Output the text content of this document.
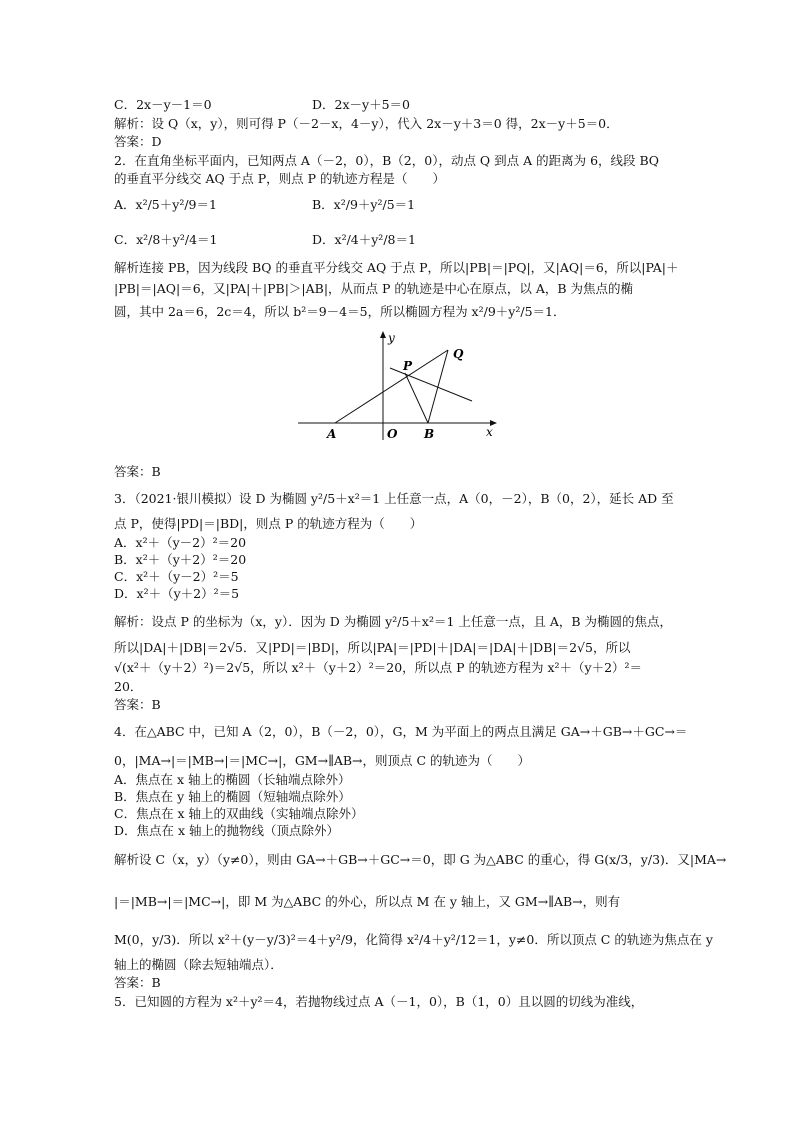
C．2x－y－1＝0	D．2x－y＋5＝0
解析：设 Q（x，y），则可得 P（－2－x，4－y），代入 2x－y＋3＝0 得，2x－y＋5＝0．
答案：D
2．在直角坐标平面内，已知两点 A（－2，0），B（2，0），动点 Q 到点 A 的距离为 6，线段 BQ
的垂直平分线交 AQ 于点 P，则点 P 的轨迹方程是（　　）
A．x²/5＋y²/9＝1	B．x²/9＋y²/5＝1
C．x²/8＋y²/4＝1	D．x²/4＋y²/8＝1
解析连接 PB，因为线段 BQ 的垂直平分线交 AQ 于点 P，所以|PB|＝|PQ|，又|AQ|＝6，所以|PA|＋
|PB|＝|AQ|＝6，又|PA|＋|PB|＞|AB|，从而点 P 的轨迹是中心在原点，以 A，B 为焦点的椭
圆，其中 2a＝6，2c＝4，所以 b²＝9－4＝5，所以椭圆方程为 x²/9＋y²/5＝1．
y
x
A	O B
P
Q
答案：B
3．（2021·银川模拟）设 D 为椭圆 y²/5＋x²＝1 上任意一点，A（0，－2），B（0，2），延长 AD 至
点 P，使得|PD|＝|BD|，则点 P 的轨迹方程为（　　）
A．x²＋（y－2）²＝20
B．x²＋（y＋2）²＝20
C．x²＋（y－2）²＝5
D．x²＋（y＋2）²＝5
解析：设点 P 的坐标为（x，y）．因为 D 为椭圆 y²/5＋x²＝1 上任意一点，且 A，B 为椭圆的焦点，
所以|DA|＋|DB|＝2√5．又|PD|＝|BD|，所以|PA|＝|PD|＋|DA|＝|DA|＋|DB|＝2√5，所以
√(x²＋（y＋2）²)＝2√5，所以 x²＋（y＋2）²＝20，所以点 P 的轨迹方程为 x²＋（y＋2）²＝
20．
答案：B
4．在△ABC 中，已知 A（2，0），B（－2，0），G，M 为平面上的两点且满足 GA→＋GB→＋GC→＝
0，|MA→|＝|MB→|＝|MC→|，GM→∥AB→，则顶点 C 的轨迹为（　　）
A．焦点在 x 轴上的椭圆（长轴端点除外）
B．焦点在 y 轴上的椭圆（短轴端点除外）
C．焦点在 x 轴上的双曲线（实轴端点除外）
D．焦点在 x 轴上的抛物线（顶点除外）
解析设 C（x，y）（y≠0），则由 GA→＋GB→＋GC→＝0，即 G 为△ABC 的重心，得 G(x/3，y/3)．又|MA→
|＝|MB→|＝|MC→|，即 M 为△ABC 的外心，所以点 M 在 y 轴上，又 GM→∥AB→，则有
M(0，y/3)．所以 x²＋(y－y/3)²＝4＋y²/9，化简得 x²/4＋y²/12＝1，y≠0．所以顶点 C 的轨迹为焦点在 y
轴上的椭圆（除去短轴端点）．
答案：B
5．已知圆的方程为 x²＋y²＝4，若抛物线过点 A（－1，0），B（1，0）且以圆的切线为准线，
